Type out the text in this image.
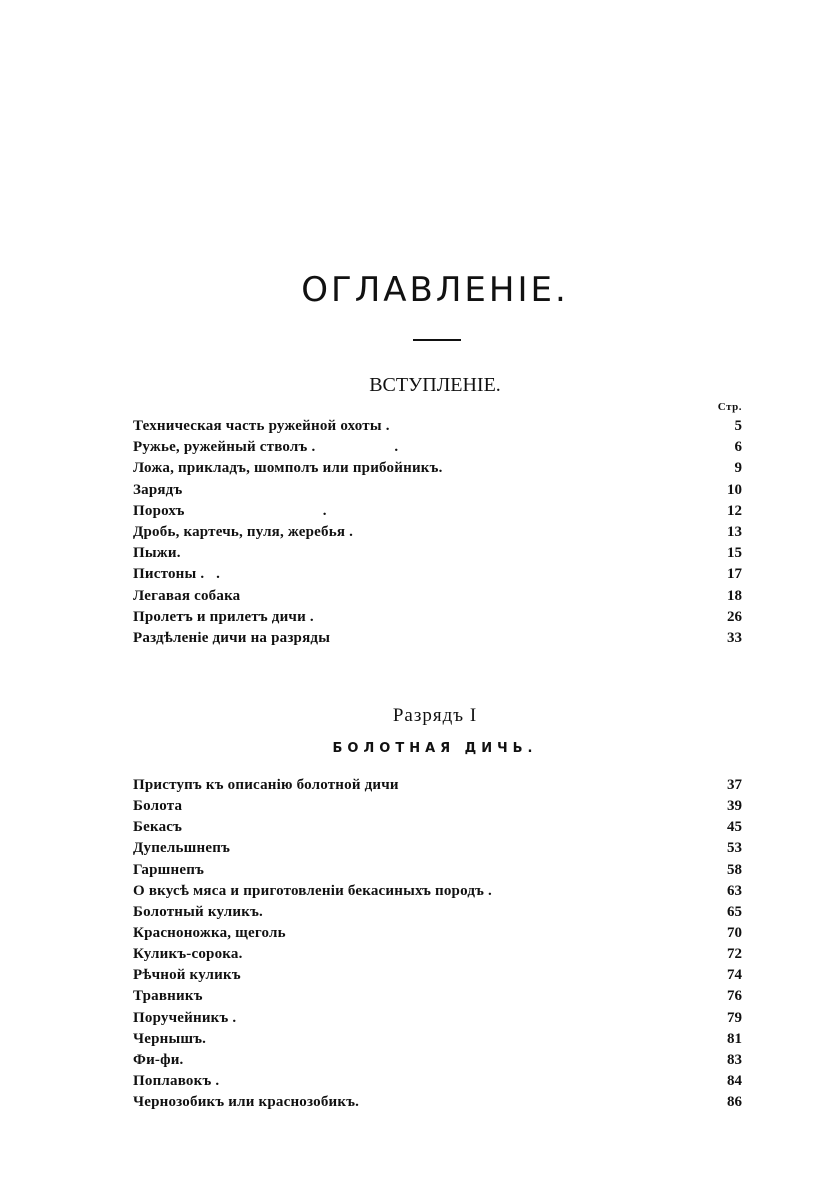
ОГЛАВЛЕНІЕ.
ВСТУПЛЕНІЕ.
Стр.
Техническая часть ружейной охоты .	5
Ружье, ружейный стволъ .                    .	6
Ложа, прикладъ, шомполъ или прибойникъ.	9
Зарядъ	10
Порохъ                                   .	12
Дробь, картечь, пуля, жеребья .	13
Пыжи.	15
Пистоны .   .	17
Легавая собака	18
Пролетъ и прилетъ дичи .	26
Раздѣленіе дичи на разряды	33
Разрядъ I
БОЛОТНАЯ ДИЧЬ.
Приступъ къ описанію болотной дичи	37
Болота	39
Бекасъ	45
Дупельшнепъ	53
Гаршнепъ	58
О вкусѣ мяса и приготовленіи бекасиныхъ породъ .	63
Болотный куликъ.	65
Красноножка, щеголь	70
Куликъ-сорока.	72
Рѣчной куликъ	74
Травникъ	76
Поручейникъ .	79
Чернышъ.	81
Фи-фи.	83
Поплавокъ .	84
Чернозобикъ или краснозобикъ.	86
